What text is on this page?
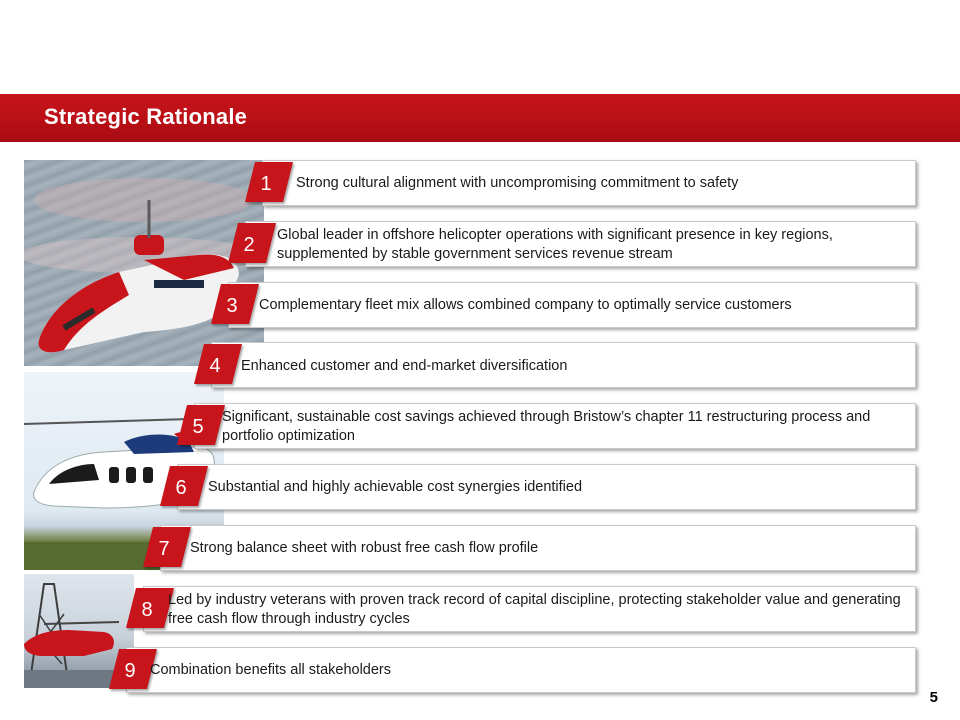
Strategic Rationale
1	Strong cultural alignment with uncompromising commitment to safety
2	Global leader in offshore helicopter operations with significant presence in key regions, supplemented by stable government services revenue stream
3	Complementary fleet mix allows combined company to optimally service customers
4	Enhanced customer and end-market diversification
5	Significant, sustainable cost savings achieved through Bristow’s chapter 11 restructuring process and portfolio optimization
6	Substantial and highly achievable cost synergies identified
7	Strong balance sheet with robust free cash flow profile
8	Led by industry veterans with proven track record of capital discipline, protecting stakeholder value and generating free cash flow through industry cycles
9 Combination benefits all stakeholders
5
